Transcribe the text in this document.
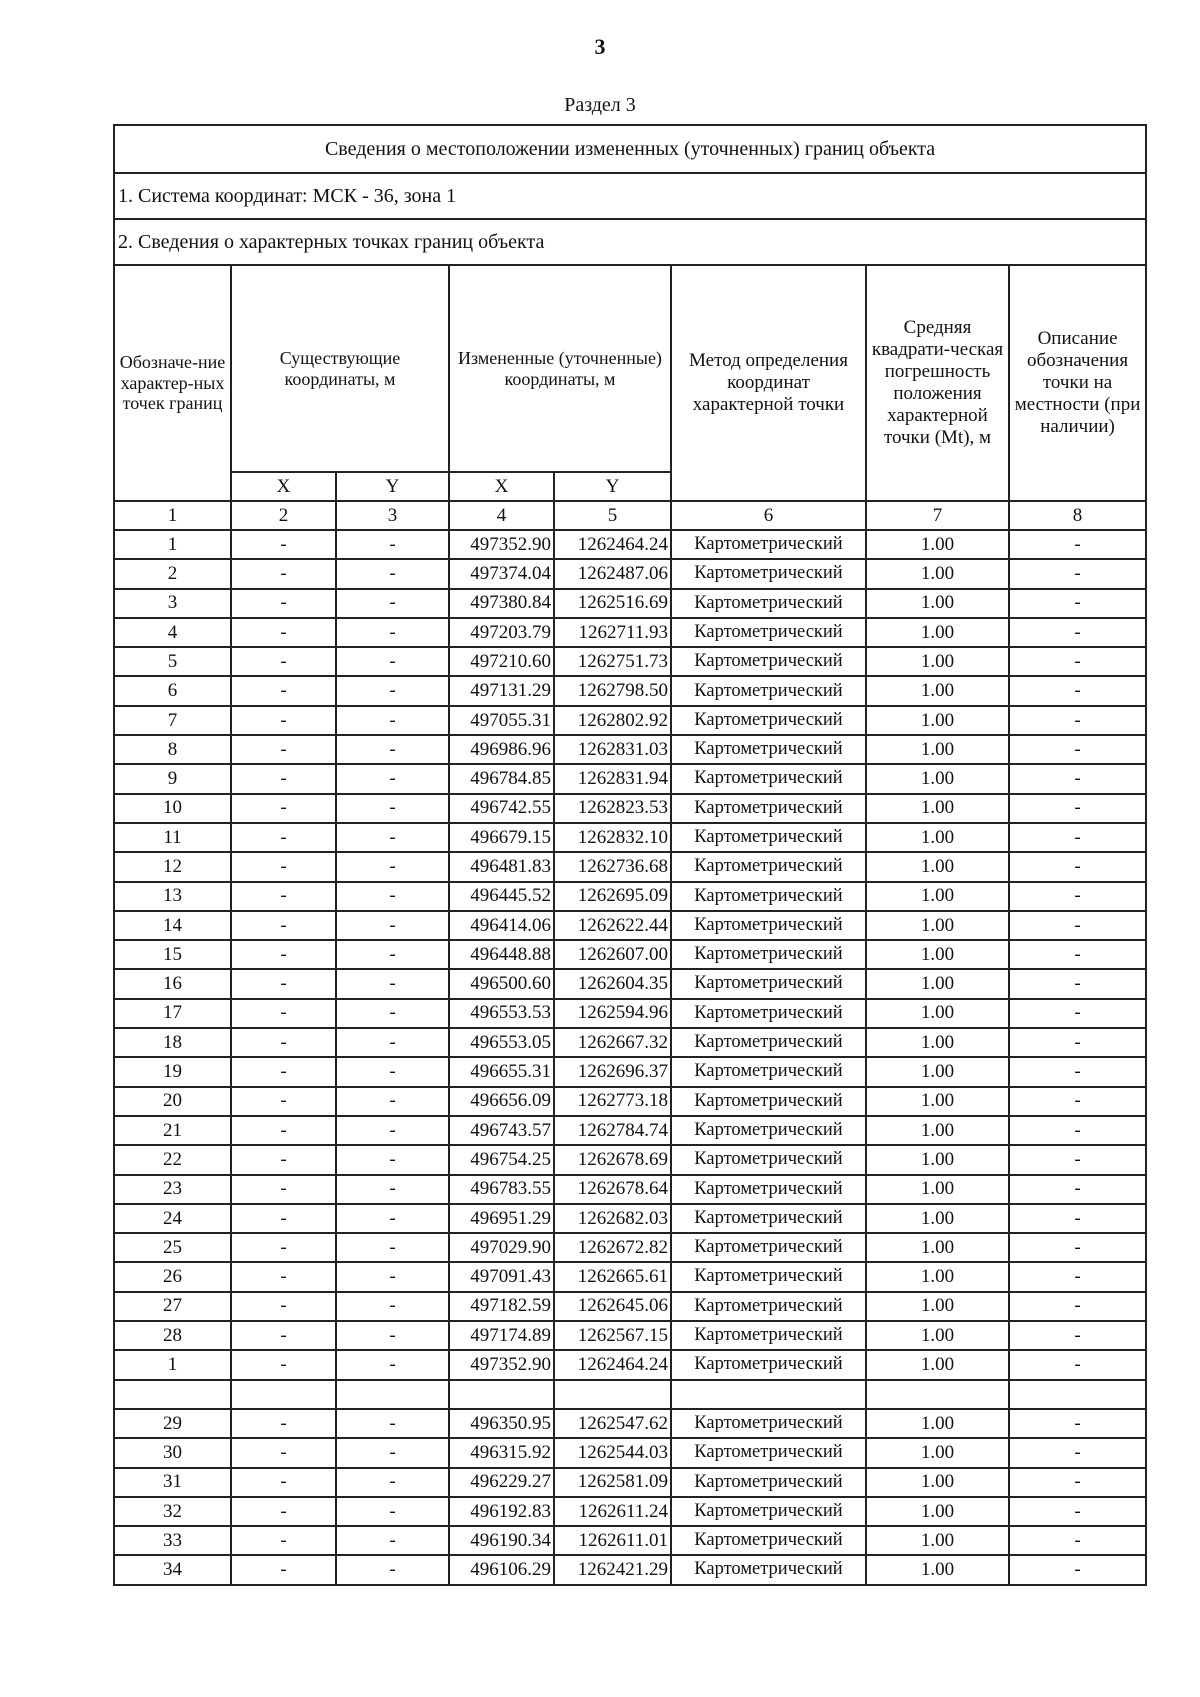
3
Раздел 3
Сведения о местоположении измененных (уточненных) границ объекта							
1. Система координат: МСК - 36, зона 1							
2. Сведения о характерных точках границ объекта							
Обозначе-ние характер-ных точек границ	Существующие координаты, м		Измененные (уточненные) координаты, м		Метод определения координат характерной точки	Средняя квадрати-ческая погрешность положения характерной точки (Mt), м	Описание обозначения точки на местности (при наличии)
	X	Y	X	Y			
1	2	3	4	5	6	7	8
1	-	-	497352.90	1262464.24	Картометрический	1.00	-
2	-	-	497374.04	1262487.06	Картометрический	1.00	-
3	-	-	497380.84	1262516.69	Картометрический	1.00	-
4	-	-	497203.79	1262711.93	Картометрический	1.00	-
5	-	-	497210.60	1262751.73	Картометрический	1.00	-
6	-	-	497131.29	1262798.50	Картометрический	1.00	-
7	-	-	497055.31	1262802.92	Картометрический	1.00	-
8	-	-	496986.96	1262831.03	Картометрический	1.00	-
9	-	-	496784.85	1262831.94	Картометрический	1.00	-
10	-	-	496742.55	1262823.53	Картометрический	1.00	-
11	-	-	496679.15	1262832.10	Картометрический	1.00	-
12	-	-	496481.83	1262736.68	Картометрический	1.00	-
13	-	-	496445.52	1262695.09	Картометрический	1.00	-
14	-	-	496414.06	1262622.44	Картометрический	1.00	-
15	-	-	496448.88	1262607.00	Картометрический	1.00	-
16	-	-	496500.60	1262604.35	Картометрический	1.00	-
17	-	-	496553.53	1262594.96	Картометрический	1.00	-
18	-	-	496553.05	1262667.32	Картометрический	1.00	-
19	-	-	496655.31	1262696.37	Картометрический	1.00	-
20	-	-	496656.09	1262773.18	Картометрический	1.00	-
21	-	-	496743.57	1262784.74	Картометрический	1.00	-
22	-	-	496754.25	1262678.69	Картометрический	1.00	-
23	-	-	496783.55	1262678.64	Картометрический	1.00	-
24	-	-	496951.29	1262682.03	Картометрический	1.00	-
25	-	-	497029.90	1262672.82	Картометрический	1.00	-
26	-	-	497091.43	1262665.61	Картометрический	1.00	-
27	-	-	497182.59	1262645.06	Картометрический	1.00	-
28	-	-	497174.89	1262567.15	Картометрический	1.00	-
1	-	-	497352.90	1262464.24	Картометрический	1.00	-

29	-	-	496350.95	1262547.62	Картометрический	1.00	-
30	-	-	496315.92	1262544.03	Картометрический	1.00	-
31	-	-	496229.27	1262581.09	Картометрический	1.00	-
32	-	-	496192.83	1262611.24	Картометрический	1.00	-
33	-	-	496190.34	1262611.01	Картометрический	1.00	-
34	-	-	496106.29	1262421.29	Картометрический	1.00	-
